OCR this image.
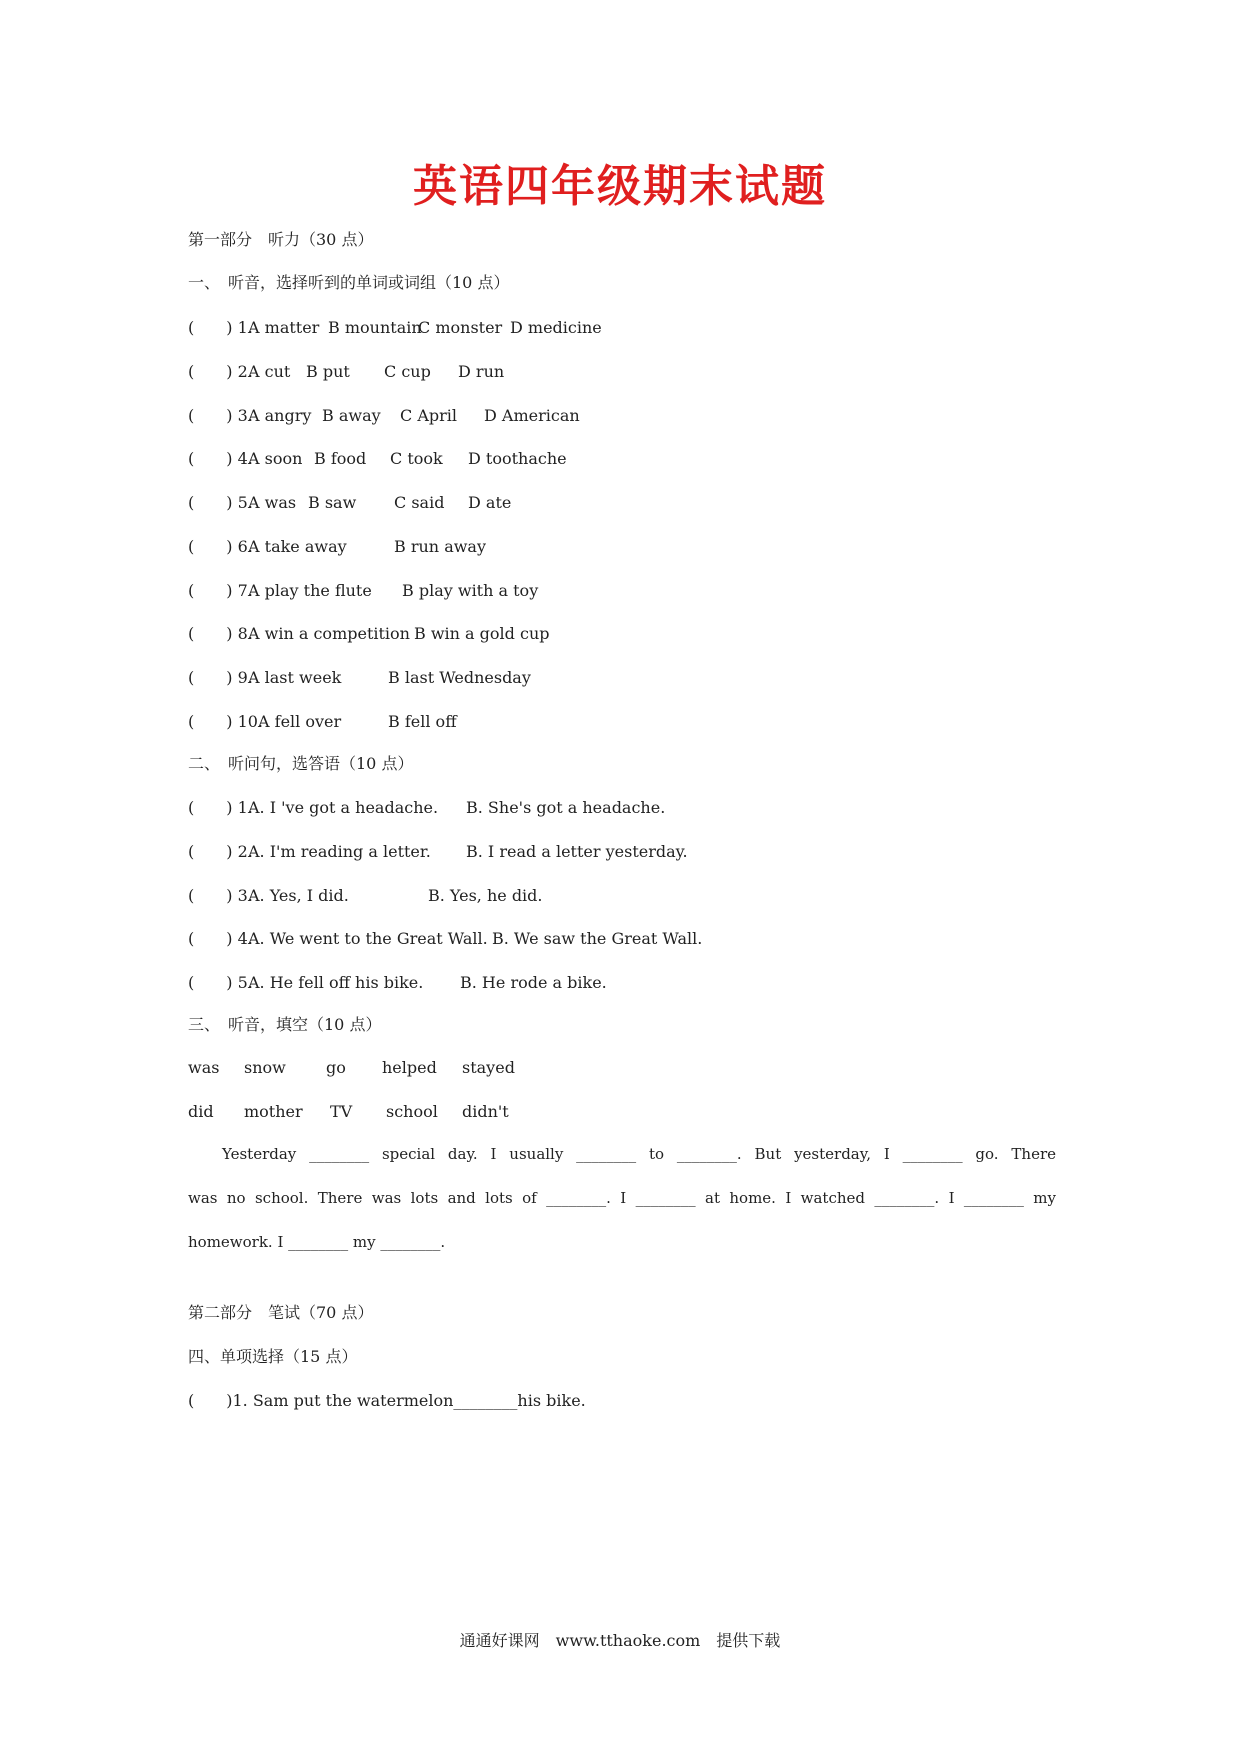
英语四年级期末试题
第一部分　听力（30 点）
一、　听音，选择听到的单词或词组（10 点）
(　　) 1.
A matter B mountain
C monster D medicine
(　　) 2.
A cut B put C cup D run
(　　) 3.
A angry B away C April D American
(　　) 4.
A soon B food C took D toothache
(　　) 5.
A was B saw C said D ate
(　　) 6.
A take away	B run away
(　　) 7.
A play the flute B play with a toy
(　　) 8.
A win a competition B win a gold cup
(　　) 9.
A last week	B last Wednesday
(　　) 10.
A fell over	B fell off
二、　听问句，选答语（10 点）
(　　) 1.
A. I 've got a headache. B. She's got a headache.
(　　) 2.
A. I'm reading a letter. B. I read a letter yesterday.
(　　) 3.
A. Yes, I did.	B. Yes, he did.
(　　) 4.
A. We went to the Great Wall. B. We saw the Great Wall.
(　　) 5.
A. He fell off his bike. B. He rode a bike.
三、　听音，填空（10 点）
was snow	go helped stayed
did mother TV school didn't
Yesterday ________ special day. I usually ________ to ________. But yesterday, I ________ go. There
was no school. There was lots and lots of ________. I ________ at home. I watched ________. I ________ my
homework. I ________ my ________.
第二部分　笔试（70 点）
四、单项选择（15 点）
(　　)1. Sam put the watermelon________his bike.
通通好课网　www.tthaoke.com　提供下载
